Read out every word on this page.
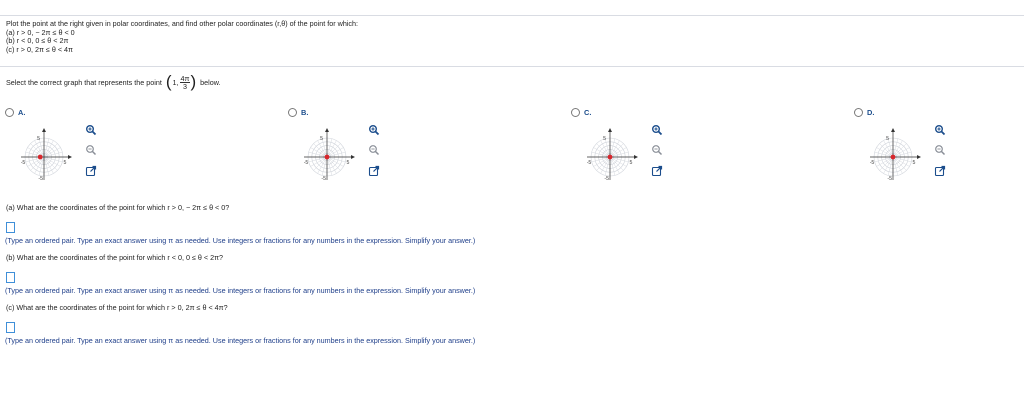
Plot the point at the right given in polar coordinates, and find other polar coordinates (r,θ) of the point for which:
(a) r > 0, − 2π ≤ θ < 0
(b) r < 0, 0 ≤ θ < 2π
(c) r > 0, 2π ≤ θ < 4π
Select the correct graph that represents the point ( 1, $\frac{4\pi}{3}$ ) below.
A.
5
5
-5
-5
B.
5
5
-5
-5
C.
5
5
-5
-5
D.
5
5
-5
-5
(a) What are the coordinates of the point for which r > 0, − 2π ≤ θ < 0?
(Type an ordered pair. Type an exact answer using π as needed. Use integers or fractions for any numbers in the expression. Simplify your answer.)
(b) What are the coordinates of the point for which r < 0, 0 ≤ θ < 2π?
(Type an ordered pair. Type an exact answer using π as needed. Use integers or fractions for any numbers in the expression. Simplify your answer.)
(c) What are the coordinates of the point for which r > 0, 2π ≤ θ < 4π?
(Type an ordered pair. Type an exact answer using π as needed. Use integers or fractions for any numbers in the expression. Simplify your answer.)
